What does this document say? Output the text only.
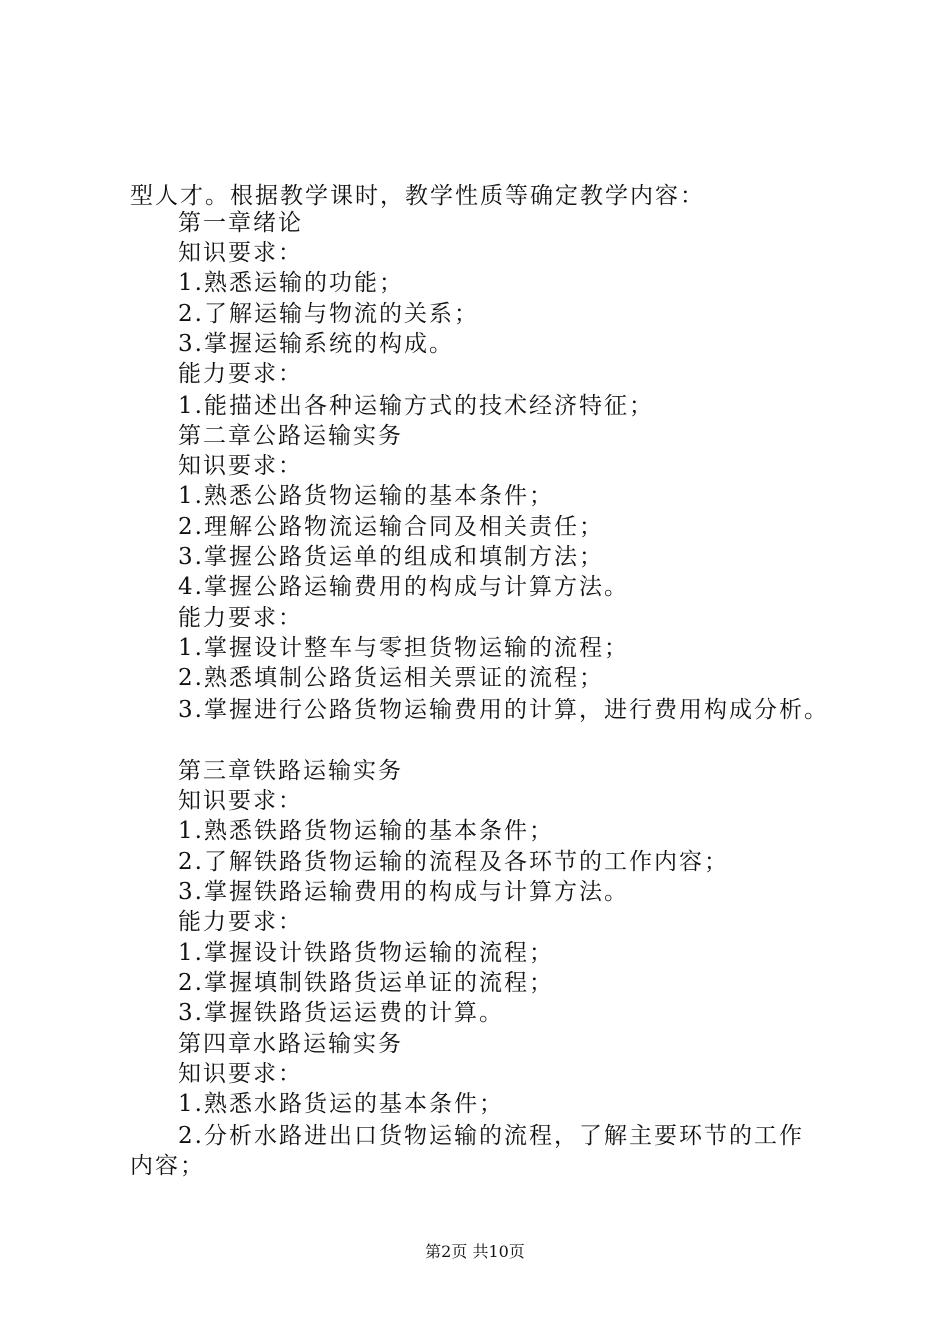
型人才。根据教学课时，教学性质等确定教学内容：
第一章绪论
知识要求：
1.熟悉运输的功能；
2.了解运输与物流的关系；
3.掌握运输系统的构成。
能力要求：
1.能描述出各种运输方式的技术经济特征；
第二章公路运输实务
知识要求：
1.熟悉公路货物运输的基本条件；
2.理解公路物流运输合同及相关责任；
3.掌握公路货运单的组成和填制方法；
4.掌握公路运输费用的构成与计算方法。
能力要求：
1.掌握设计整车与零担货物运输的流程；
2.熟悉填制公路货运相关票证的流程；
3.掌握进行公路货物运输费用的计算，进行费用构成分析。
第三章铁路运输实务
知识要求：
1.熟悉铁路货物运输的基本条件；
2.了解铁路货物运输的流程及各环节的工作内容；
3.掌握铁路运输费用的构成与计算方法。
能力要求：
1.掌握设计铁路货物运输的流程；
2.掌握填制铁路货运单证的流程；
3.掌握铁路货运运费的计算。
第四章水路运输实务
知识要求：
1.熟悉水路货运的基本条件；
2.分析水路进出口货物运输的流程，了解主要环节的工作
内容；
第2页 共10页
